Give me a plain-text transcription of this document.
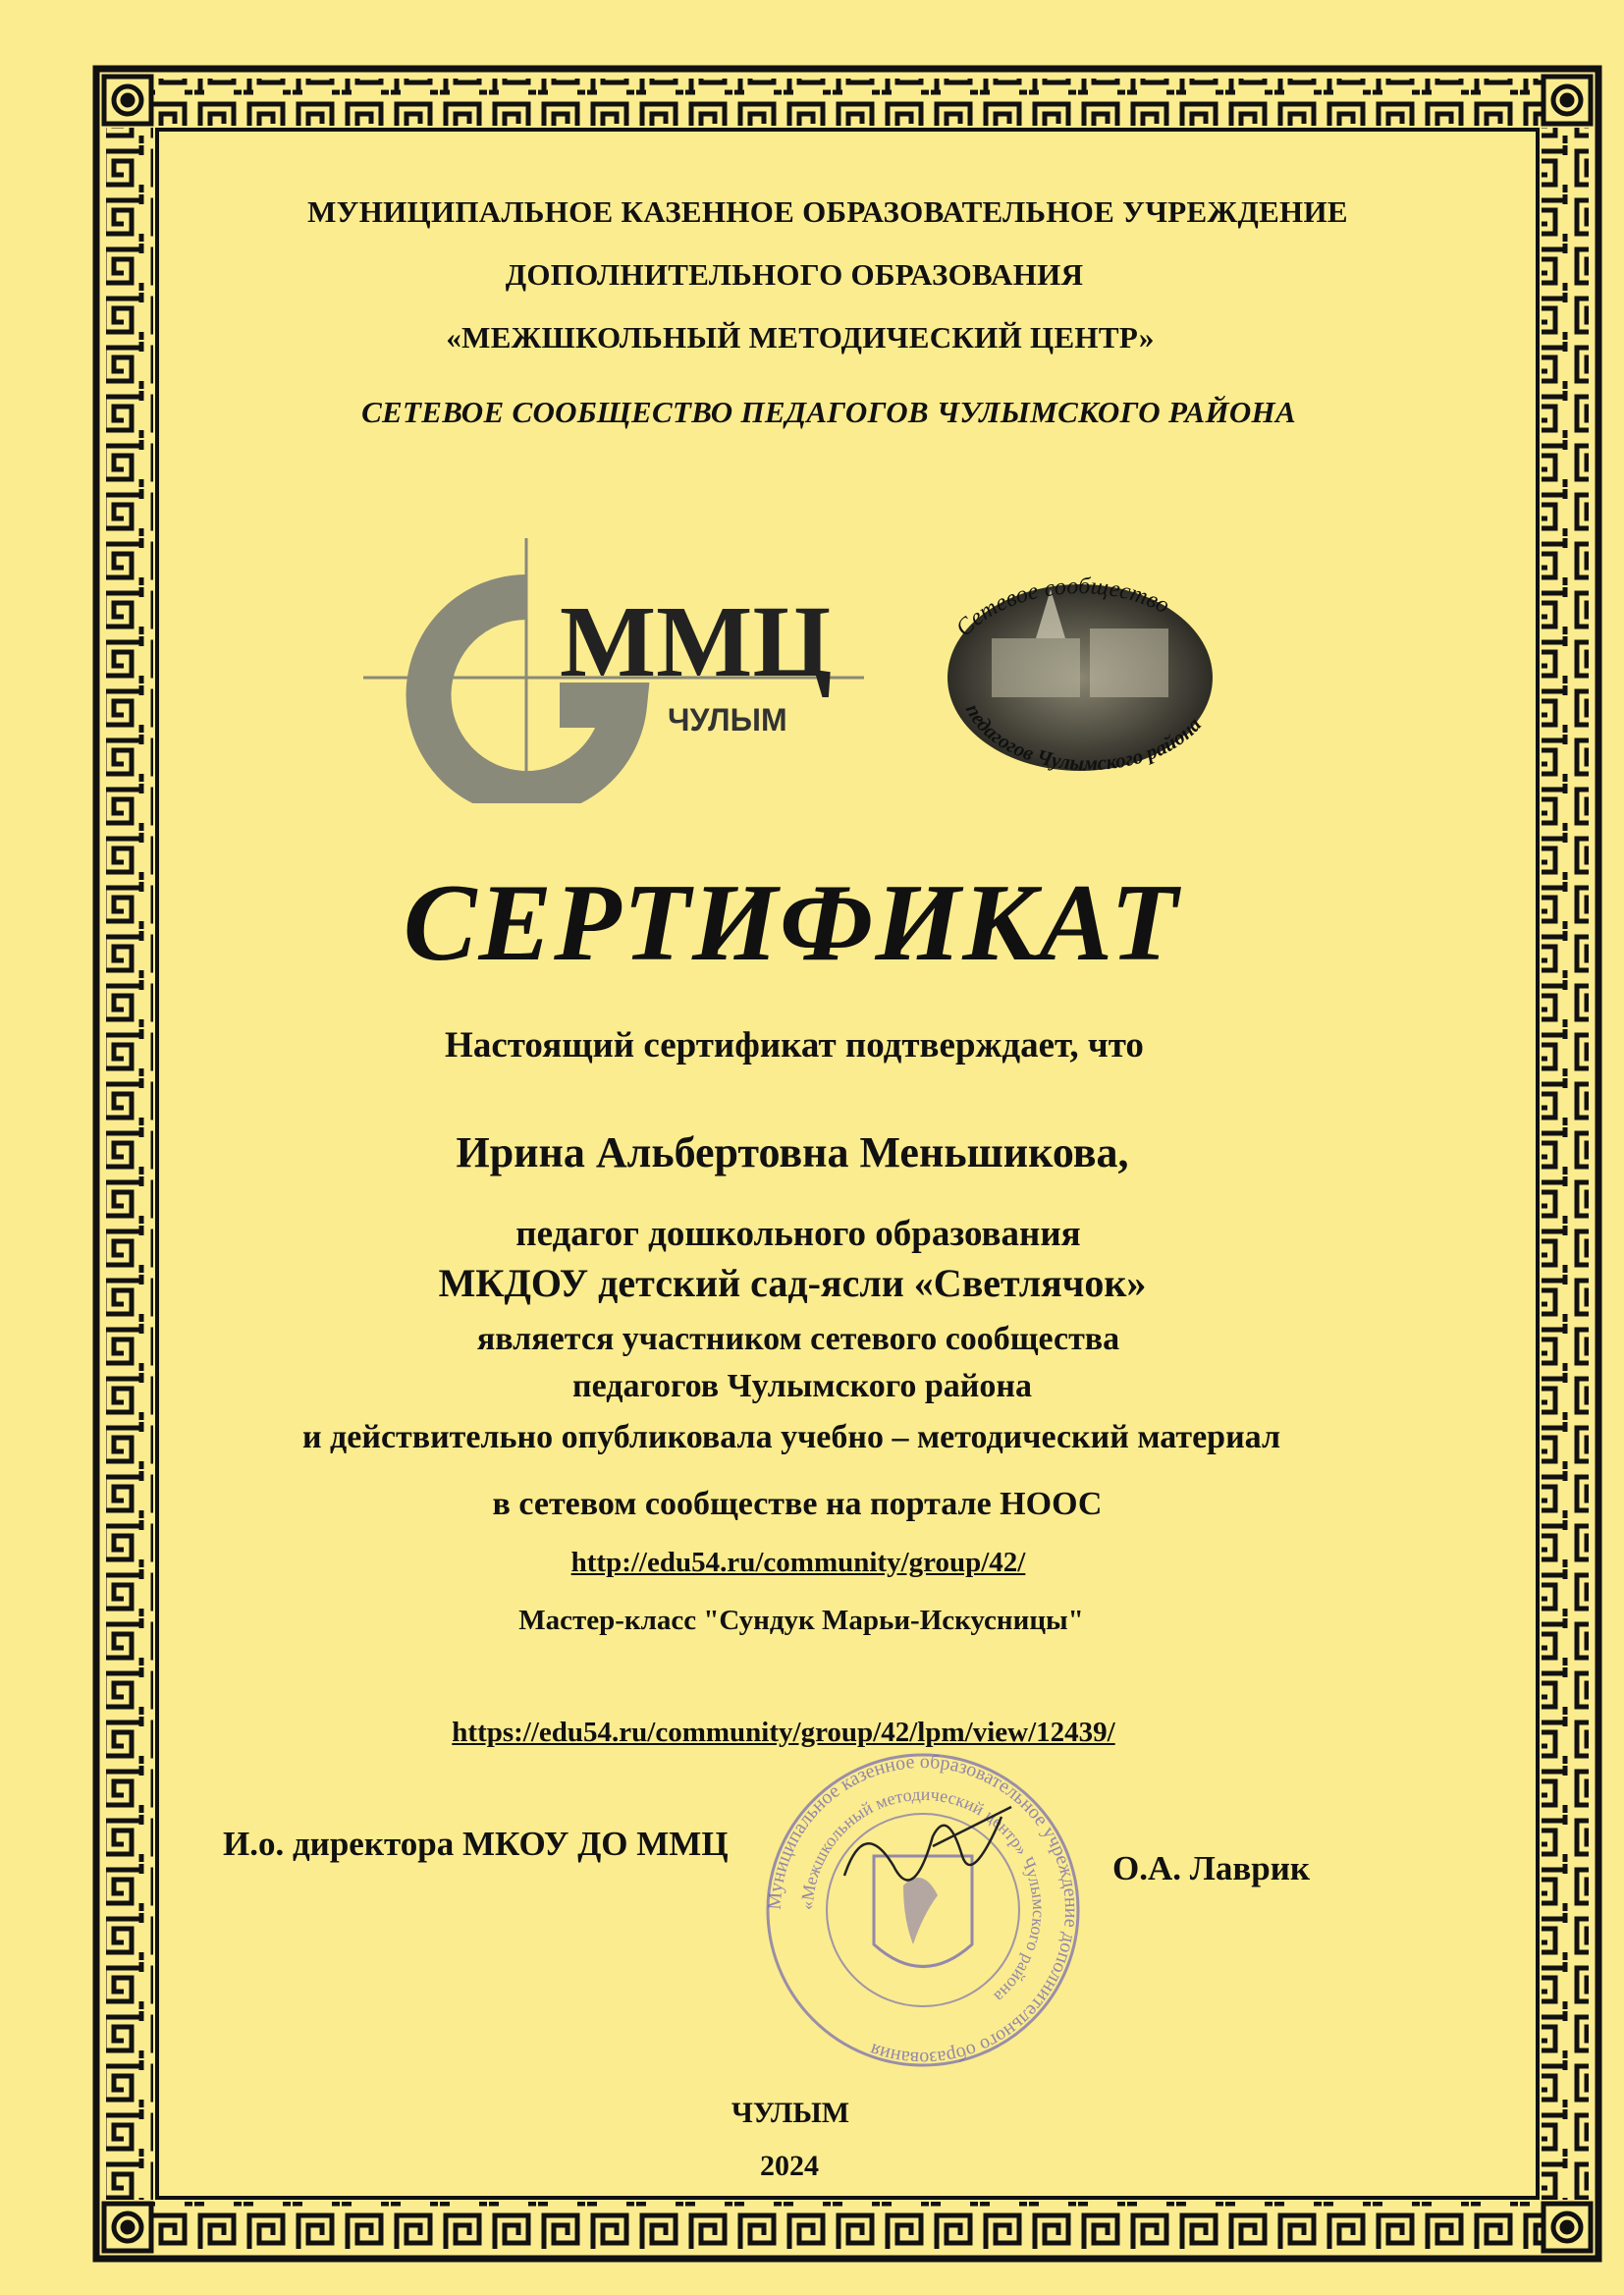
МУНИЦИПАЛЬНОЕ КАЗЕННОЕ ОБРАЗОВАТЕЛЬНОЕ УЧРЕЖДЕНИЕ
ДОПОЛНИТЕЛЬНОГО ОБРАЗОВАНИЯ
«МЕЖШКОЛЬНЫЙ МЕТОДИЧЕСКИЙ ЦЕНТР»
СЕТЕВОЕ СООБЩЕСТВО ПЕДАГОГОВ ЧУЛЫМСКОГО РАЙОНА
ММЦ
ЧУЛЫМ
Сетевое сообщество
педагогов Чулымского района
СЕРТИФИКАТ
Настоящий сертификат подтверждает, что
Ирина Альбертовна Меньшикова,
педагог дошкольного образования
МКДОУ детский сад-ясли «Светлячок»
является участником сетевого сообщества
педагогов Чулымского района
и действительно опубликовала учебно – методический материал
в сетевом сообществе на портале НООС
http://edu54.ru/community/group/42/
Мастер-класс "Сундук Марьи-Искусницы"
https://edu54.ru/community/group/42/lpm/view/12439/
И.о. директора МКОУ ДО ММЦ
О.А. Лаврик
Муниципальное казенное образовательное учреждение дополнительного образования
«Межшкольный методический центр» Чулымского района
ЧУЛЫМ
2024
